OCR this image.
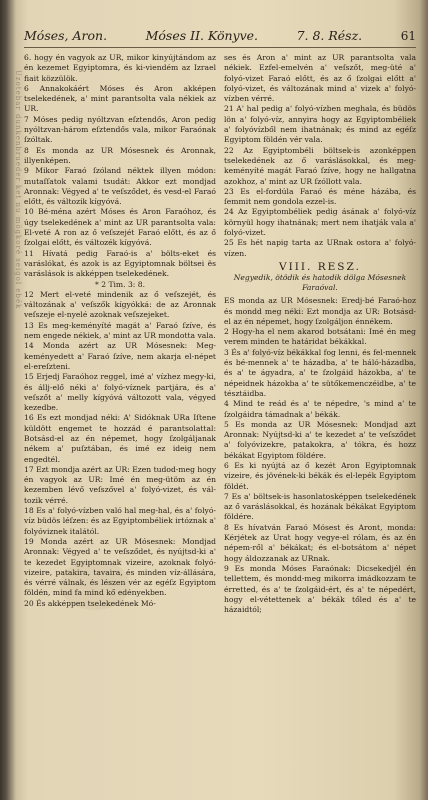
Uzotebar dunkenbrueder ket nu mögkoré seigol ebék
Móses, Aron.	Móses II. Könyve.	7. 8. Rész.	61

6. hogy én vagyok az UR, mikor kinyújtándom az én kezemet Egyiptomra, és ki-viendém az Izrael fiait közzülök.

6 Annakokáért Móses és Aron akképen tselekedének, a' mint parantsolta vala nékiek az UR.

7 Móses pedig nyóltzvan eſztendős, Aron pedig nyóltzvan-három eſztendős vala, mikor Faraónak ſzóltak.

8 Es monda az UR Mósesnek és Aronnak, illyenképen.

9 Mikor Faraó ſzóland néktek illyen módon: mutaſſatok valami tsudát: Akkor ezt mondjad Aronnak: Végyed a' te veſsződet, és vesd-el Faraó előtt, és változik kígyóvá.

10 Bé-ména azért Móses és Aron Faraóhoz, és úgy tselekedének a' mint az UR parantsolta vala: El-veté A ron az ő veſszejét Faraó előtt, és az ő ſzolgai előtt, és változék kígyóvá.

11 Hívatá pedig Faraó-is a' bölts-eket és varáslókat, és azok is az Egyiptomnak böltsei ës varáslások is akképpen tselekedének.

* 2 Tim. 3: 8.

12 Mert el-veté mindenik az ő veſszejét, és változának a' veſszők kígyókká: de az Aronnak veſszeje el-nyelé azoknak veſszejeket.

13 Es meg-keményíté magát a' Faraó ſzíve, és nem engede nékiek, a' mint az UR mondotta vala.

14 Monda azért az UR Mósesnek: Meg-keményedett a' Faraó ſzíve, nem akarja el-népet el-ereſzteni.

15 Erjedj Faraóhoz reggel, imé a' vízhez megy-ki, és állj-elő néki a' folyó-víznek partjára, és a' veſszőt a' melly kígyóvá változott vala, végyed kezedbe.

16 Es ezt mondjad néki: A' Sidóknak URa Iſtene küldött engemet te hozzád é parantsolattal: Botsásd-el az én népemet, hogy ſzolgáljanak nékem a' puſztában, és imé ez ideig nem engedtél.

17 Ezt mondja azért az UR: Ezen tudod-meg hogy én vagyok az UR: Imé én meg-ütöm az én kezemben lévő veſszővel a' folyó-vizet, és vál-tozik vérré.

18 Es a' folyó-vízben való hal meg-hal, és a' folyó-víz büdös léſzen: és az Egyiptombéliek irtóznak a' folyóviznek italától.

19 Monda azért az UR Mósesnek: Mondjad Aronnak: Végyed a' te veſsződet, és nyújtsd-ki a' te kezedet Egyiptomnak vizeire, azoknak folyó-vizeire, patakira, tavaira, és minden víz-állására, és vérré válnak, és lészen vér az egéſz Egyiptom földén, mind fa mind kő edényekben.

20 És akképpen tselekedének Mó-

ses és Aron a' mint az UR parantsolta vala nékiek. Ezfel-emelvén a' veſszőt, meg-üté a' folyó-vizet Faraó előtt, és az ő ſzolgai előtt a' folyó-vizet, és változának mind a' vizek a' folyó-vízben vérré.

21 A' hal pedig a' folyó-vízben meghala, és büdös lön a' folyó-víz, annyira hogy az Egyiptombéliek a' folyóvízből nem ihatnának; és mind az egéſz Egyiptom földén vér vala.

22 Az Egyiptombéli böltsek-is azonképpen tselekedének az ő varáslásokkal, és meg-keményíté magát Faraó ſzíve, hogy ne hallgatna azokhoz, a' mint az UR ſzóllott vala.

23 Es el-fordúla Faraó és méne házába, és ſemmit nem gondola ezzel-is.

24 Az Egyiptombéliek pedig ásának a' folyó-víz környül hogy ihatnának; mert nem ihatják vala a' folyó-vizet.

25 Es hét napig tarta az URnak ostora a' folyó-vízen.

VIII. RESZ.
Negyedik, ötödik és hatodik dölga Mósesnek Faraóval.

ES monda az UR Mósesnek: Eredj-bé Faraó-hoz és mondd meg néki: Ezt mondja az UR: Botsásd-el az én népemet, hogy ſzolgáljon énnékem.

2 Hogy-ha el nem akarod botsátani: Imé én meg verem minden te határidat békákkal.

3 És a' folyó-víz békákkal fog lenni, és fel-mennek és bé-mennek a' te házadba, a' te háló-házadba, és a' te ágyadra, a' te ſzolgáid házokba, a' te népeidnek házokba a' te sütőkemenczéidbe, a' te tésztáidba.

4 Mind te reád és a' te népedre, 's mind a' te ſzolgáidra támadnak a' békák.

5 Es monda az UR Mósesnek: Mondjad azt Aronnak: Nyújtsd-ki a' te kezedet a' te veſsződet a' folyóvizekre, patakokra, a' tókra, és hozz békákat Egyiptom földére.

6 Es ki nyújtá az ő kezét Aron Egyiptomnak vizeire, és jövének-ki békák és el-lepék Egyiptom földét.

7 Es a' böltsek-is hasonlatosképpen tselekedének az ő varáslásokkal, és hozának békákat Egyiptom földére.

8 Es hívatván Faraó Mósest és Aront, monda: Kérjétek az Urat hogy vegye-el rólam, és az én népem-ről a' békákat; és el-botsátom a' népet hogy áldozzanak az URnak.

9 Es monda Móses Faraónak: Dicsekedjél én tellettem, és mondd-meg mikorra imádkozzam te érretted, és a' te ſzolgáid-ért, és a' te népedért, hogy el-vétettenek a' békák tőled és a' te házaidtól;
